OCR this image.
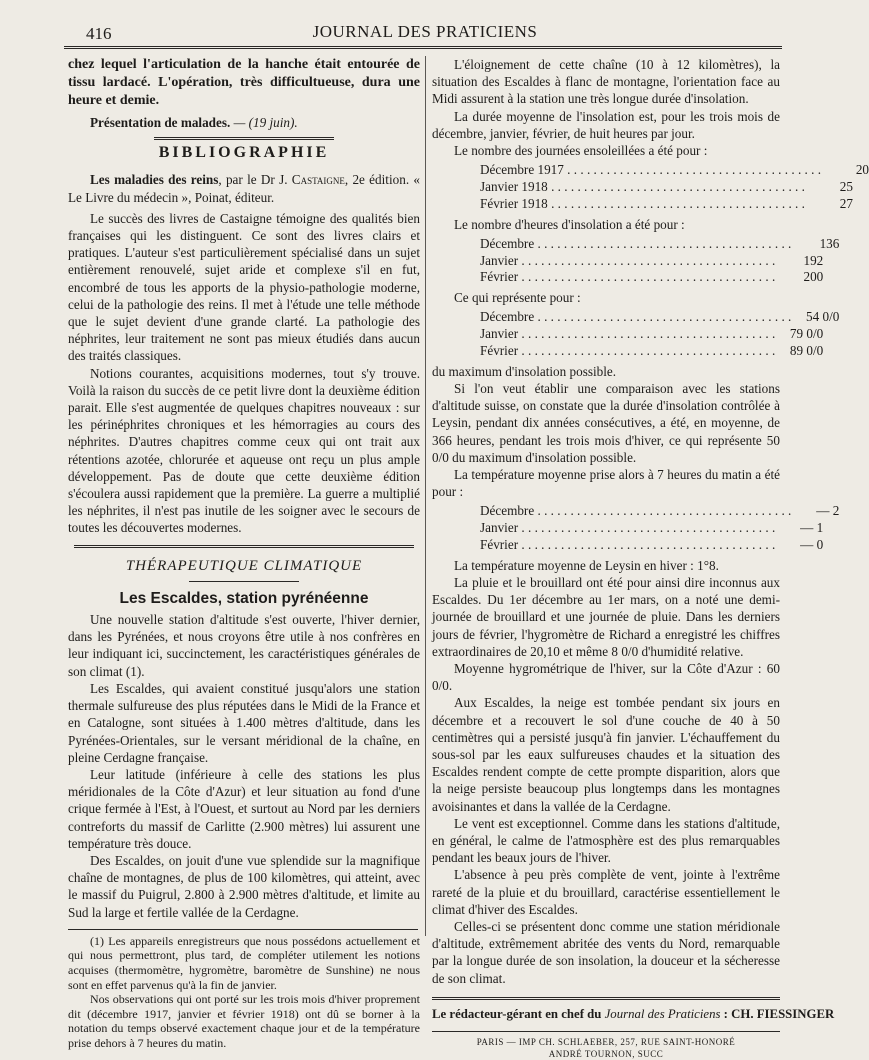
416	JOURNAL DES PRATICIENS

chez lequel l'articulation de la hanche était entourée de tissu lardacé. L'opération, très difficultueuse, dura une heure et demie.

Présentation de malades. — (19 juin).

BIBLIOGRAPHIE

Les maladies des reins, par le Dr J. Castaigne, 2e édition. « Le Livre du médecin », Poinat, éditeur.

Le succès des livres de Castaigne témoigne des qualités bien françaises qui les distinguent. Ce sont des livres clairs et pratiques. L'auteur s'est particulièrement spécialisé dans un sujet entièrement renouvelé, sujet aride et complexe s'il en fut, encombré de tous les apports de la physio-pathologie moderne, celui de la pathologie des reins. Il met à l'étude une telle méthode que le sujet devient d'une grande clarté. La pathologie des néphrites, leur traitement ne sont pas mieux étudiés dans aucun des traités classiques.

Notions courantes, acquisitions modernes, tout s'y trouve. Voilà la raison du succès de ce petit livre dont la deuxième édition parait. Elle s'est augmentée de quelques chapitres nouveaux : sur les périnéphrites chroniques et les hémorragies au cours des néphrites. D'autres chapitres comme ceux qui ont trait aux rétentions azotée, chlorurée et aqueuse ont reçu un plus ample développement. Pas de doute que cette deuxième édition s'écoulera aussi rapidement que la première. La guerre a multiplié les néphrites, il n'est pas inutile de les soigner avec le secours de toutes les découvertes modernes.

THÉRAPEUTIQUE CLIMATIQUE
Les Escaldes, station pyrénéenne

Une nouvelle station d'altitude s'est ouverte, l'hiver dernier, dans les Pyrénées, et nous croyons être utile à nos confrères en leur indiquant ici, succinctement, les caractéristiques générales de son climat (1).

Les Escaldes, qui avaient constitué jusqu'alors une station thermale sulfureuse des plus réputées dans le Midi de la France et en Catalogne, sont situées à 1.400 mètres d'altitude, dans les Pyrénées-Orientales, sur le versant méridional de la chaîne, en pleine Cerdagne française.

Leur latitude (inférieure à celle des stations les plus méridionales de la Côte d'Azur) et leur situation au fond d'une crique fermée à l'Est, à l'Ouest, et surtout au Nord par les derniers contreforts du massif de Carlitte (2.900 mètres) lui assurent une température très douce.

Des Escaldes, on jouit d'une vue splendide sur la magnifique chaîne de montagnes, de plus de 100 kilomètres, qui atteint, avec le massif du Puigrul, 2.800 à 2.900 mètres d'altitude, et limite au Sud la large et fertile vallée de la Cerdagne.

(1) Les appareils enregistreurs que nous possédons actuellement et qui nous permettront, plus tard, de compléter utilement les notions acquises (thermomètre, hygromètre, baromètre de Sunshine) ne nous sont en effet parvenus qu'à la fin de janvier.

Nos observations qui ont porté sur les trois mois d'hiver proprement dit (décembre 1917, janvier et février 1918) ont dû se borner à la notation du temps observé exactement chaque jour et de la température prise dehors à 7 heures du matin.

L'éloignement de cette chaîne (10 à 12 kilomètres), la situation des Escaldes à flanc de montagne, l'orientation face au Midi assurent à la station une très longue durée d'insolation.

La durée moyenne de l'insolation est, pour les trois mois de décembre, janvier, février, de huit heures par jour.

Le nombre des journées ensoleillées a été pour :

Décembre 1917 . . .	20
Janvier 1918 . . .	25
Février 1918 . . .	27

Le nombre d'heures d'insolation a été pour :

Décembre . . .	136
Janvier . . .	192
Février . . .	200

Ce qui représente pour :

Décembre . . .	54 0/0
Janvier . . .	79 0/0
Février . . .	89 0/0

du maximum d'insolation possible.

Si l'on veut établir une comparaison avec les stations d'altitude suisse, on constate que la durée d'insolation contrôlée à Leysin, pendant dix années consécutives, a été, en moyenne, de 366 heures, pendant les trois mois d'hiver, ce qui représente 50 0/0 du maximum d'insolation possible.

La température moyenne prise alors à 7 heures du matin a été pour :

Décembre . . .	— 2
Janvier . . .	— 1
Février . . .	— 0

La température moyenne de Leysin en hiver : 1°8.

La pluie et le brouillard ont été pour ainsi dire inconnus aux Escaldes. Du 1er décembre au 1er mars, on a noté une demi-journée de brouillard et une journée de pluie. Dans les derniers jours de février, l'hygromètre de Richard a enregistré les chiffres extraordinaires de 20,10 et même 8 0/0 d'humidité relative.

Moyenne hygrométrique de l'hiver, sur la Côte d'Azur : 60 0/0.

Aux Escaldes, la neige est tombée pendant six jours en décembre et a recouvert le sol d'une couche de 40 à 50 centimètres qui a persisté jusqu'à fin janvier. L'échauffement du sous-sol par les eaux sulfureuses chaudes et la situation des Escaldes rendent compte de cette prompte disparition, alors que la neige persiste beaucoup plus longtemps dans les montagnes avoisinantes et dans la vallée de la Cerdagne.

Le vent est exceptionnel. Comme dans les stations d'altitude, en général, le calme de l'atmosphère est des plus remarquables pendant les beaux jours de l'hiver.

L'absence à peu près complète de vent, jointe à l'extrême rareté de la pluie et du brouillard, caractérise essentiellement le climat d'hiver des Escaldes.

Celles-ci se présentent donc comme une station méridionale d'altitude, extrêmement abritée des vents du Nord, remarquable par la longue durée de son insolation, la douceur et la sécheresse de son climat.

Le rédacteur-gérant en chef du Journal des Praticiens : CH. FIESSINGER
PARIS — IMP CH. SCHLAEBER, 257, RUE SAINT-HONORÉ
ANDRÉ TOURNON, SUCC
